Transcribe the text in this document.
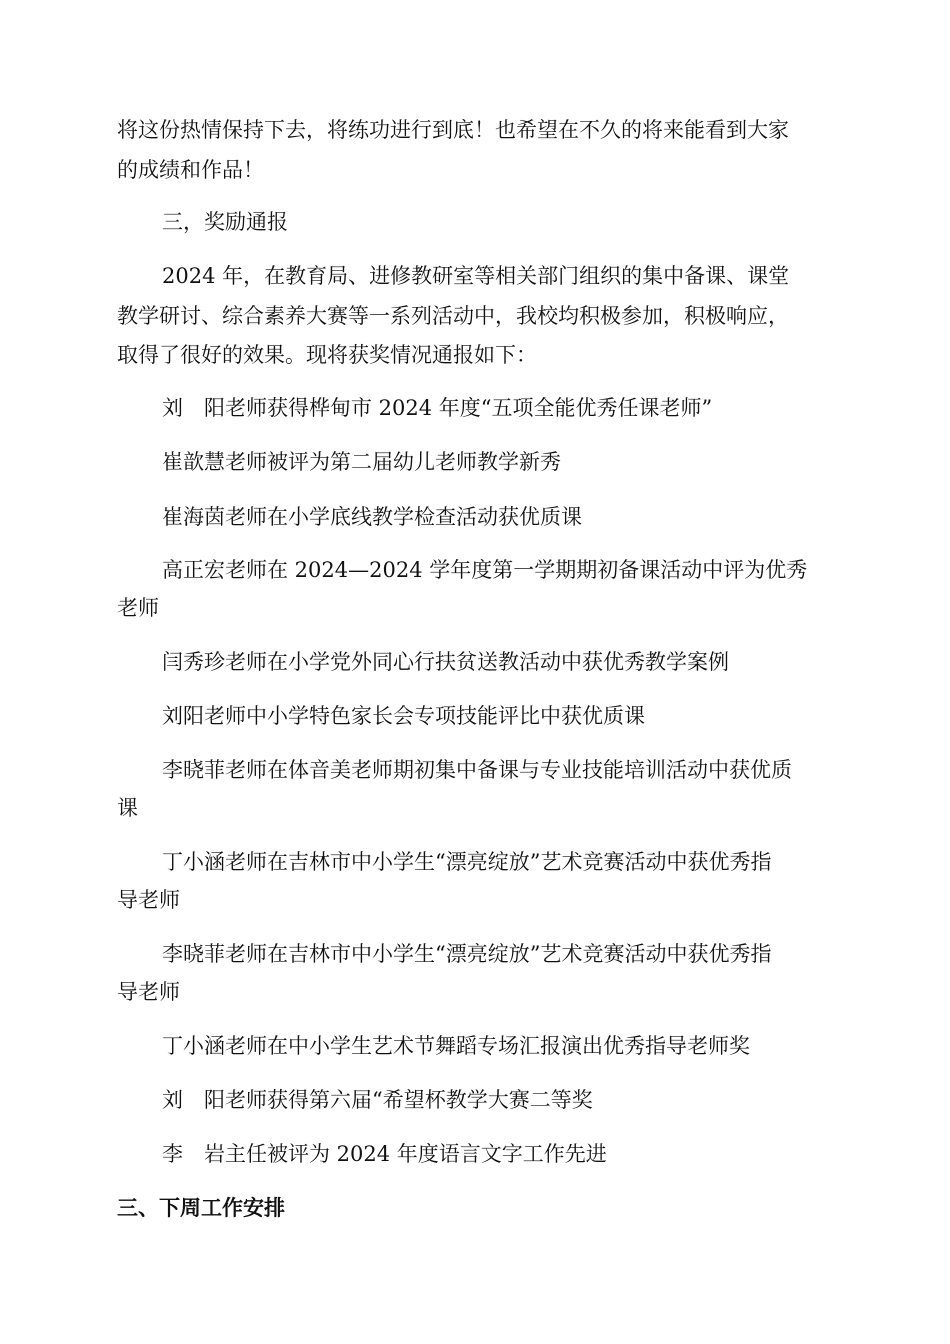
将这份热情保持下去，将练功进行到底！也希望在不久的将来能看到大家
的成绩和作品！
三，奖励通报
2024 年，在教育局、进修教研室等相关部门组织的集中备课、课堂
教学研讨、综合素养大赛等一系列活动中，我校均积极参加，积极响应，
取得了很好的效果。现将获奖情况通报如下：
刘　阳老师获得桦甸市 2024 年度“五项全能优秀任课老师”
崔歆慧老师被评为第二届幼儿老师教学新秀
崔海茵老师在小学底线教学检查活动获优质课
高正宏老师在 2024—2024 学年度第一学期期初备课活动中评为优秀
老师
闫秀珍老师在小学党外同心行扶贫送教活动中获优秀教学案例
刘阳老师中小学特色家长会专项技能评比中获优质课
李晓菲老师在体音美老师期初集中备课与专业技能培训活动中获优质
课
丁小涵老师在吉林市中小学生“漂亮绽放”艺术竞赛活动中获优秀指
导老师
李晓菲老师在吉林市中小学生“漂亮绽放”艺术竞赛活动中获优秀指
导老师
丁小涵老师在中小学生艺术节舞蹈专场汇报演出优秀指导老师奖
刘　阳老师获得第六届“希望杯教学大赛二等奖
李　岩主任被评为 2024 年度语言文字工作先进
三、下周工作安排
